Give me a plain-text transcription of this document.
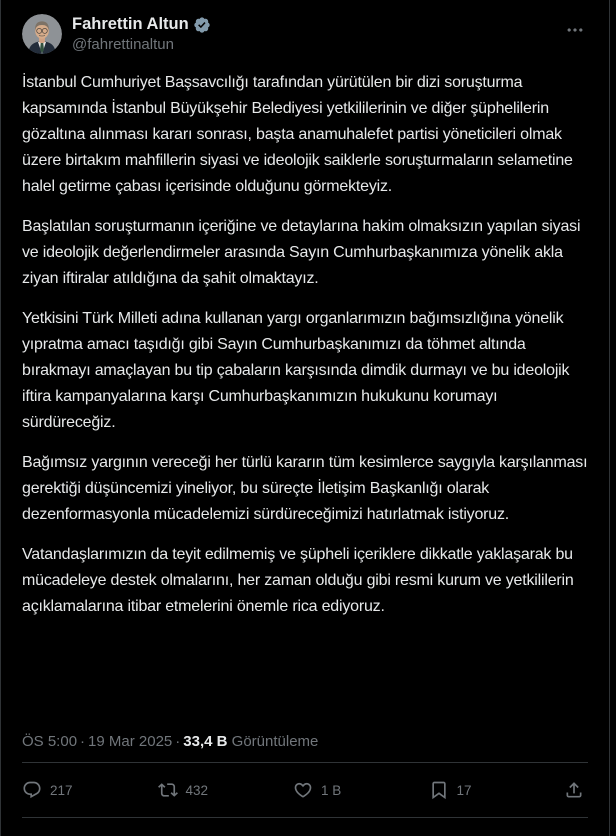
Fahrettin Altun
@fahrettinaltun

İstanbul Cumhuriyet Başsavcılığı tarafından yürütülen bir dizi soruşturma kapsamında İstanbul Büyükşehir Belediyesi yetkililerinin ve diğer şüphelilerin gözaltına alınması kararı sonrası, başta anamuhalefet partisi yöneticileri olmak üzere birtakım mahfillerin siyasi ve ideolojik saiklerle soruşturmaların selametine halel getirme çabası içerisinde olduğunu görmekteyiz.

Başlatılan soruşturmanın içeriğine ve detaylarına hakim olmaksızın yapılan siyasi ve ideolojik değerlendirmeler arasında Sayın Cumhurbaşkanımıza yönelik akla ziyan iftiralar atıldığına da şahit olmaktayız.

Yetkisini Türk Milleti adına kullanan yargı organlarımızın bağımsızlığına yönelik yıpratma amacı taşıdığı gibi Sayın Cumhurbaşkanımızı da töhmet altında bırakmayı amaçlayan bu tip çabaların karşısında dimdik durmayı ve bu ideolojik iftira kampanyalarına karşı Cumhurbaşkanımızın hukukunu korumayı sürdüreceğiz.

Bağımsız yargının vereceği her türlü kararın tüm kesimlerce saygıyla karşılanması gerektiği düşüncemizi yineliyor, bu süreçte İletişim Başkanlığı olarak dezenformasyonla mücadelemizi sürdüreceğimizi hatırlatmak istiyoruz.

Vatandaşlarımızın da teyit edilmemiş ve şüpheli içeriklere dikkatle yaklaşarak bu mücadeleye destek olmalarını, her zaman olduğu gibi resmi kurum ve yetkililerin açıklamalarına itibar etmelerini önemle rica ediyoruz.

ÖS 5:00 · 19 Mar 2025 · 33,4 B Görüntüleme
217	432	1 B	17
